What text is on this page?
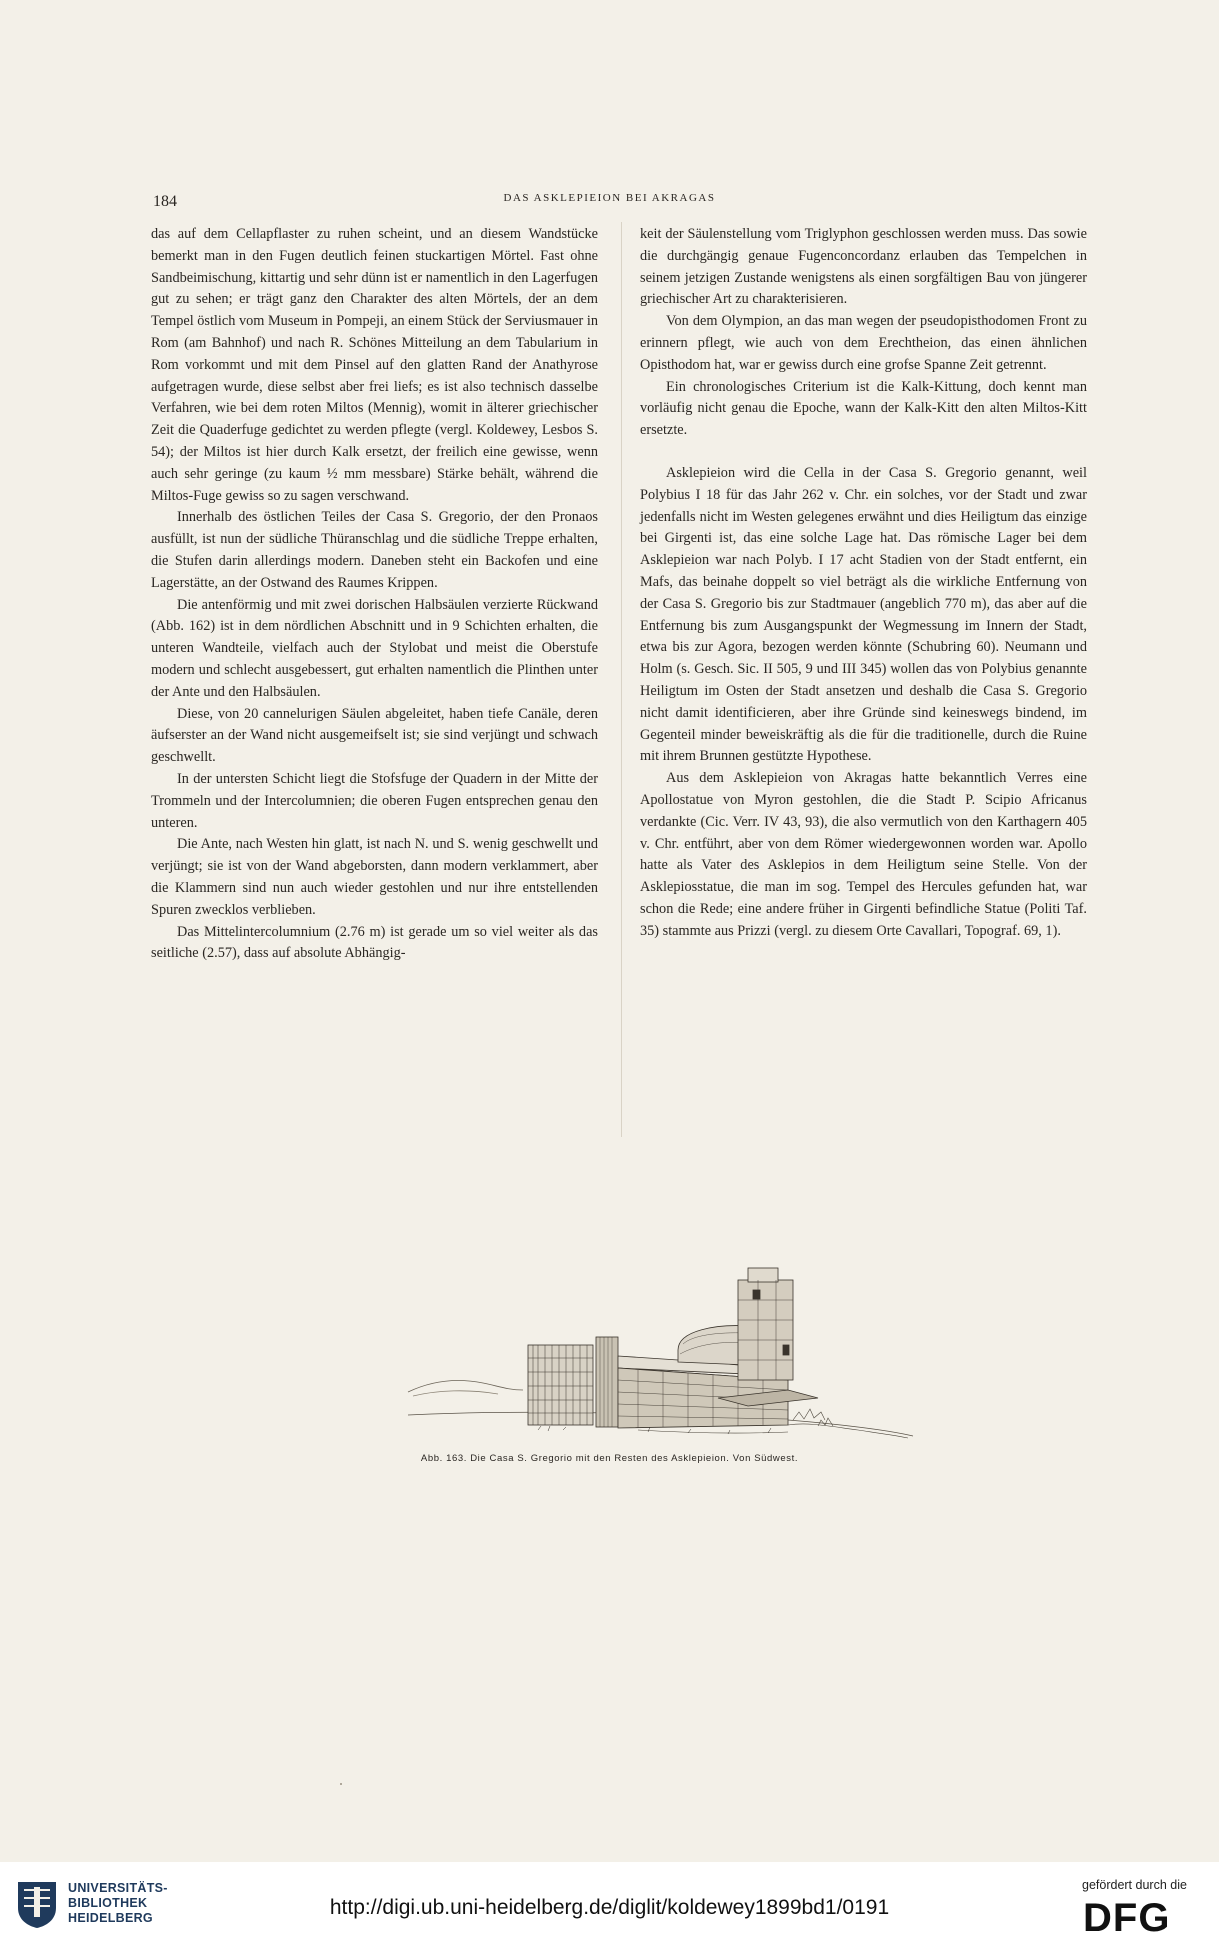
184	DAS ASKLEPIEION BEI AKRAGAS

das auf dem Cellapflaster zu ruhen scheint, und an diesem Wandstücke bemerkt man in den Fugen deutlich feinen stuckartigen Mörtel. Fast ohne Sandbeimischung, kittartig und sehr dünn ist er namentlich in den Lagerfugen gut zu sehen; er trägt ganz den Charakter des alten Mörtels, der an dem Tempel östlich vom Museum in Pompeji, an einem Stück der Serviusmauer in Rom (am Bahnhof) und nach R. Schönes Mitteilung an dem Tabularium in Rom vorkommt und mit dem Pinsel auf den glatten Rand der Anathyrose aufgetragen wurde, diese selbst aber frei liefs; es ist also technisch dasselbe Verfahren, wie bei dem roten Miltos (Mennig), womit in älterer griechischer Zeit die Quaderfuge gedichtet zu werden pflegte (vergl. Koldewey, Lesbos S. 54); der Miltos ist hier durch Kalk ersetzt, der freilich eine gewisse, wenn auch sehr geringe (zu kaum ½ mm messbare) Stärke behält, während die Miltos-Fuge gewiss so zu sagen verschwand.

Innerhalb des östlichen Teiles der Casa S. Gregorio, der den Pronaos ausfüllt, ist nun der südliche Thüranschlag und die südliche Treppe erhalten, die Stufen darin allerdings modern. Daneben steht ein Backofen und eine Lagerstätte, an der Ostwand des Raumes Krippen.

Die antenförmig und mit zwei dorischen Halbsäulen verzierte Rückwand (Abb. 162) ist in dem nördlichen Abschnitt und in 9 Schichten erhalten, die unteren Wandteile, vielfach auch der Stylobat und meist die Oberstufe modern und schlecht ausgebessert, gut erhalten namentlich die Plinthen unter der Ante und den Halbsäulen.

Diese, von 20 cannelurigen Säulen abgeleitet, haben tiefe Canäle, deren äufserster an der Wand nicht ausgemeifselt ist; sie sind verjüngt und schwach geschwellt.

In der untersten Schicht liegt die Stofsfuge der Quadern in der Mitte der Trommeln und der Intercolumnien; die oberen Fugen entsprechen genau den unteren.

Die Ante, nach Westen hin glatt, ist nach N. und S. wenig geschwellt und verjüngt; sie ist von der Wand abgeborsten, dann modern verklammert, aber die Klammern sind nun auch wieder gestohlen und nur ihre entstellenden Spuren zwecklos verblieben.

Das Mittelintercolumnium (2.76 m) ist gerade um so viel weiter als das seitliche (2.57), dass auf absolute Abhängig-

keit der Säulenstellung vom Triglyphon geschlossen werden muss. Das sowie die durchgängig genaue Fugenconcordanz erlauben das Tempelchen in seinem jetzigen Zustande wenigstens als einen sorgfältigen Bau von jüngerer griechischer Art zu charakterisieren.

Von dem Olympion, an das man wegen der pseudopisthodomen Front zu erinnern pflegt, wie auch von dem Erechtheion, das einen ähnlichen Opisthodom hat, war er gewiss durch eine grofse Spanne Zeit getrennt.

Ein chronologisches Criterium ist die Kalk-Kittung, doch kennt man vorläufig nicht genau die Epoche, wann der Kalk-Kitt den alten Miltos-Kitt ersetzte.

Asklepieion wird die Cella in der Casa S. Gregorio genannt, weil Polybius I 18 für das Jahr 262 v. Chr. ein solches, vor der Stadt und zwar jedenfalls nicht im Westen gelegenes erwähnt und dies Heiligtum das einzige bei Girgenti ist, das eine solche Lage hat. Das römische Lager bei dem Asklepieion war nach Polyb. I 17 acht Stadien von der Stadt entfernt, ein Mafs, das beinahe doppelt so viel beträgt als die wirkliche Entfernung von der Casa S. Gregorio bis zur Stadtmauer (angeblich 770 m), das aber auf die Entfernung bis zum Ausgangspunkt der Wegmessung im Innern der Stadt, etwa bis zur Agora, bezogen werden könnte (Schubring 60). Neumann und Holm (s. Gesch. Sic. II 505, 9 und III 345) wollen das von Polybius genannte Heiligtum im Osten der Stadt ansetzen und deshalb die Casa S. Gregorio nicht damit identificieren, aber ihre Gründe sind keineswegs bindend, im Gegenteil minder beweiskräftig als die für die traditionelle, durch die Ruine mit ihrem Brunnen gestützte Hypothese.

Aus dem Asklepieion von Akragas hatte bekanntlich Verres eine Apollostatue von Myron gestohlen, die die Stadt P. Scipio Africanus verdankte (Cic. Verr. IV 43, 93), die also vermutlich von den Karthagern 405 v. Chr. entführt, aber von dem Römer wiedergewonnen worden war. Apollo hatte als Vater des Asklepios in dem Heiligtum seine Stelle. Von der Asklepiosstatue, die man im sog. Tempel des Hercules gefunden hat, war schon die Rede; eine andere früher in Girgenti befindliche Statue (Politi Taf. 35) stammte aus Prizzi (vergl. zu diesem Orte Cavallari, Topograf. 69, 1).

Abb. 163. Die Casa S. Gregorio mit den Resten des Asklepieion. Von Südwest.
UNIVERSITÄTS-
BIBLIOTHEK
HEIDELBERG	http://digi.ub.uni-heidelberg.de/diglit/koldewey1899bd1/0191
gefördert durch die
DFG
